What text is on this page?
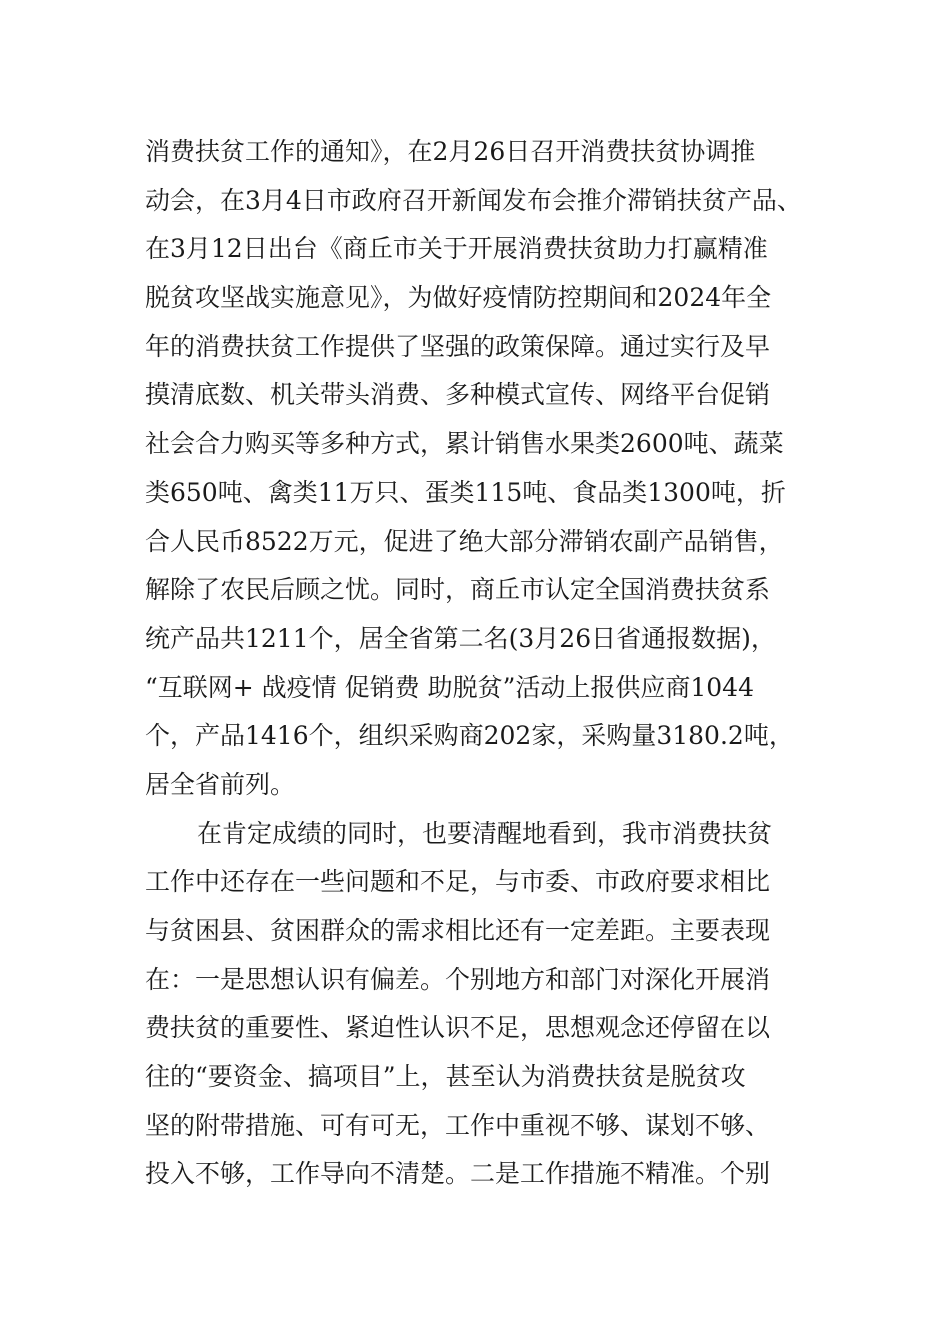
消费扶贫工作的通知》，在2月26日召开消费扶贫协调推
动会，在3月4日市政府召开新闻发布会推介滞销扶贫产品、
在3月12日出台《商丘市关于开展消费扶贫助力打赢精准
脱贫攻坚战实施意见》，为做好疫情防控期间和2024年全
年的消费扶贫工作提供了坚强的政策保障。通过实行及早
摸清底数、机关带头消费、多种模式宣传、网络平台促销
社会合力购买等多种方式，累计销售水果类2600吨、蔬菜
类650吨、禽类11万只、蛋类115吨、食品类1300吨，折
合人民币8522万元，促进了绝大部分滞销农副产品销售，
解除了农民后顾之忧。同时，商丘市认定全国消费扶贫系
统产品共1211个，居全省第二名(3月26日省通报数据)，
“互联网+ 战疫情 促销费 助脱贫”活动上报供应商1044
个，产品1416个，组织采购商202家，采购量3180.2吨，
居全省前列。
在肯定成绩的同时，也要清醒地看到，我市消费扶贫
工作中还存在一些问题和不足，与市委、市政府要求相比
与贫困县、贫困群众的需求相比还有一定差距。主要表现
在：一是思想认识有偏差。个别地方和部门对深化开展消
费扶贫的重要性、紧迫性认识不足，思想观念还停留在以
往的“要资金、搞项目”上，甚至认为消费扶贫是脱贫攻
坚的附带措施、可有可无，工作中重视不够、谋划不够、
投入不够，工作导向不清楚。二是工作措施不精准。个别
